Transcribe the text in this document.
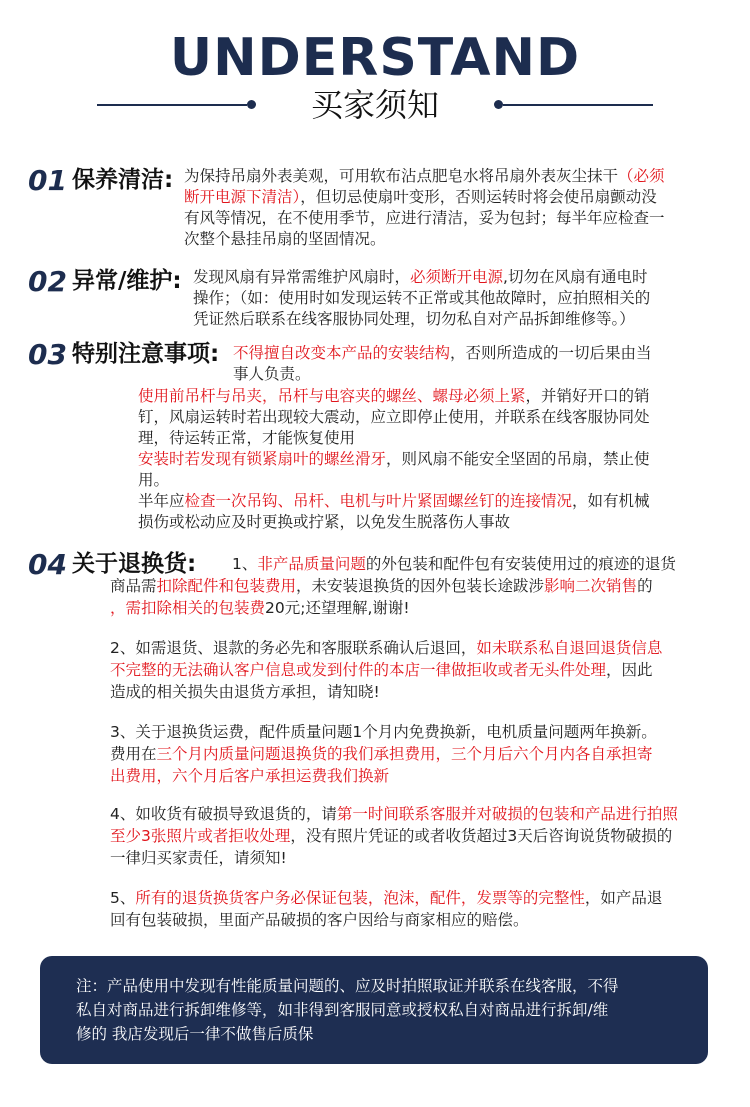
UNDERSTAND
买家须知
01 保养清洁: 为保持吊扇外表美观，可用软布沾点肥皂水将吊扇外表灰尘抹干（必须
断开电源下清洁），但切忌使扇叶变形，否则运转时将会使吊扇颤动没
有风等情况，在不使用季节，应进行清洁，妥为包封；每半年应检查一
次整个悬挂吊扇的坚固情况。
02 异常/维护: 发现风扇有异常需维护风扇时，必须断开电源,切勿在风扇有通电时
操作；（如：使用时如发现运转不正常或其他故障时，应拍照相关的
凭证然后联系在线客服协同处理，切勿私自对产品拆卸维修等。）
03 特别注意事项: 不得擅自改变本产品的安装结构，否则所造成的一切后果由当
事人负责。
使用前吊杆与吊夹，吊杆与电容夹的螺丝、螺母必须上紧，并销好开口的销
钉，风扇运转时若出现较大震动，应立即停止使用，并联系在线客服协同处
理，待运转正常，才能恢复使用
安装时若发现有锁紧扇叶的螺丝滑牙，则风扇不能安全坚固的吊扇，禁止使
用。
半年应检查一次吊钩、吊杆、电机与叶片紧固螺丝钉的连接情况，如有机械
损伤或松动应及时更换或拧紧，以免发生脱落伤人事故
04 关于退换货: 1、非产品质量问题的外包装和配件包有安装使用过的痕迹的退货
商品需扣除配件和包装费用，未安装退换货的因外包装长途跋涉影响二次销售的
，需扣除相关的包装费20元;还望理解,谢谢!
2、如需退货、退款的务必先和客服联系确认后退回，如未联系私自退回退货信息
不完整的无法确认客户信息或发到付件的本店一律做拒收或者无头件处理，因此
造成的相关损失由退货方承担，请知晓!
3、关于退换货运费，配件质量问题1个月内免费换新，电机质量问题两年换新。
费用在三个月内质量问题退换货的我们承担费用，三个月后六个月内各自承担寄
出费用，六个月后客户承担运费我们换新
4、如收货有破损导致退货的，请第一时间联系客服并对破损的包装和产品进行拍照
至少3张照片或者拒收处理，没有照片凭证的或者收货超过3天后咨询说货物破损的
一律归买家责任，请须知!
5、所有的退货换货客户务必保证包装，泡沫，配件，发票等的完整性，如产品退
回有包装破损，里面产品破损的客户因给与商家相应的赔偿。
注：产品使用中发现有性能质量问题的、应及时拍照取证并联系在线客服，不得
私自对商品进行拆卸维修等，如非得到客服同意或授权私自对商品进行拆卸/维
修的 我店发现后一律不做售后质保
